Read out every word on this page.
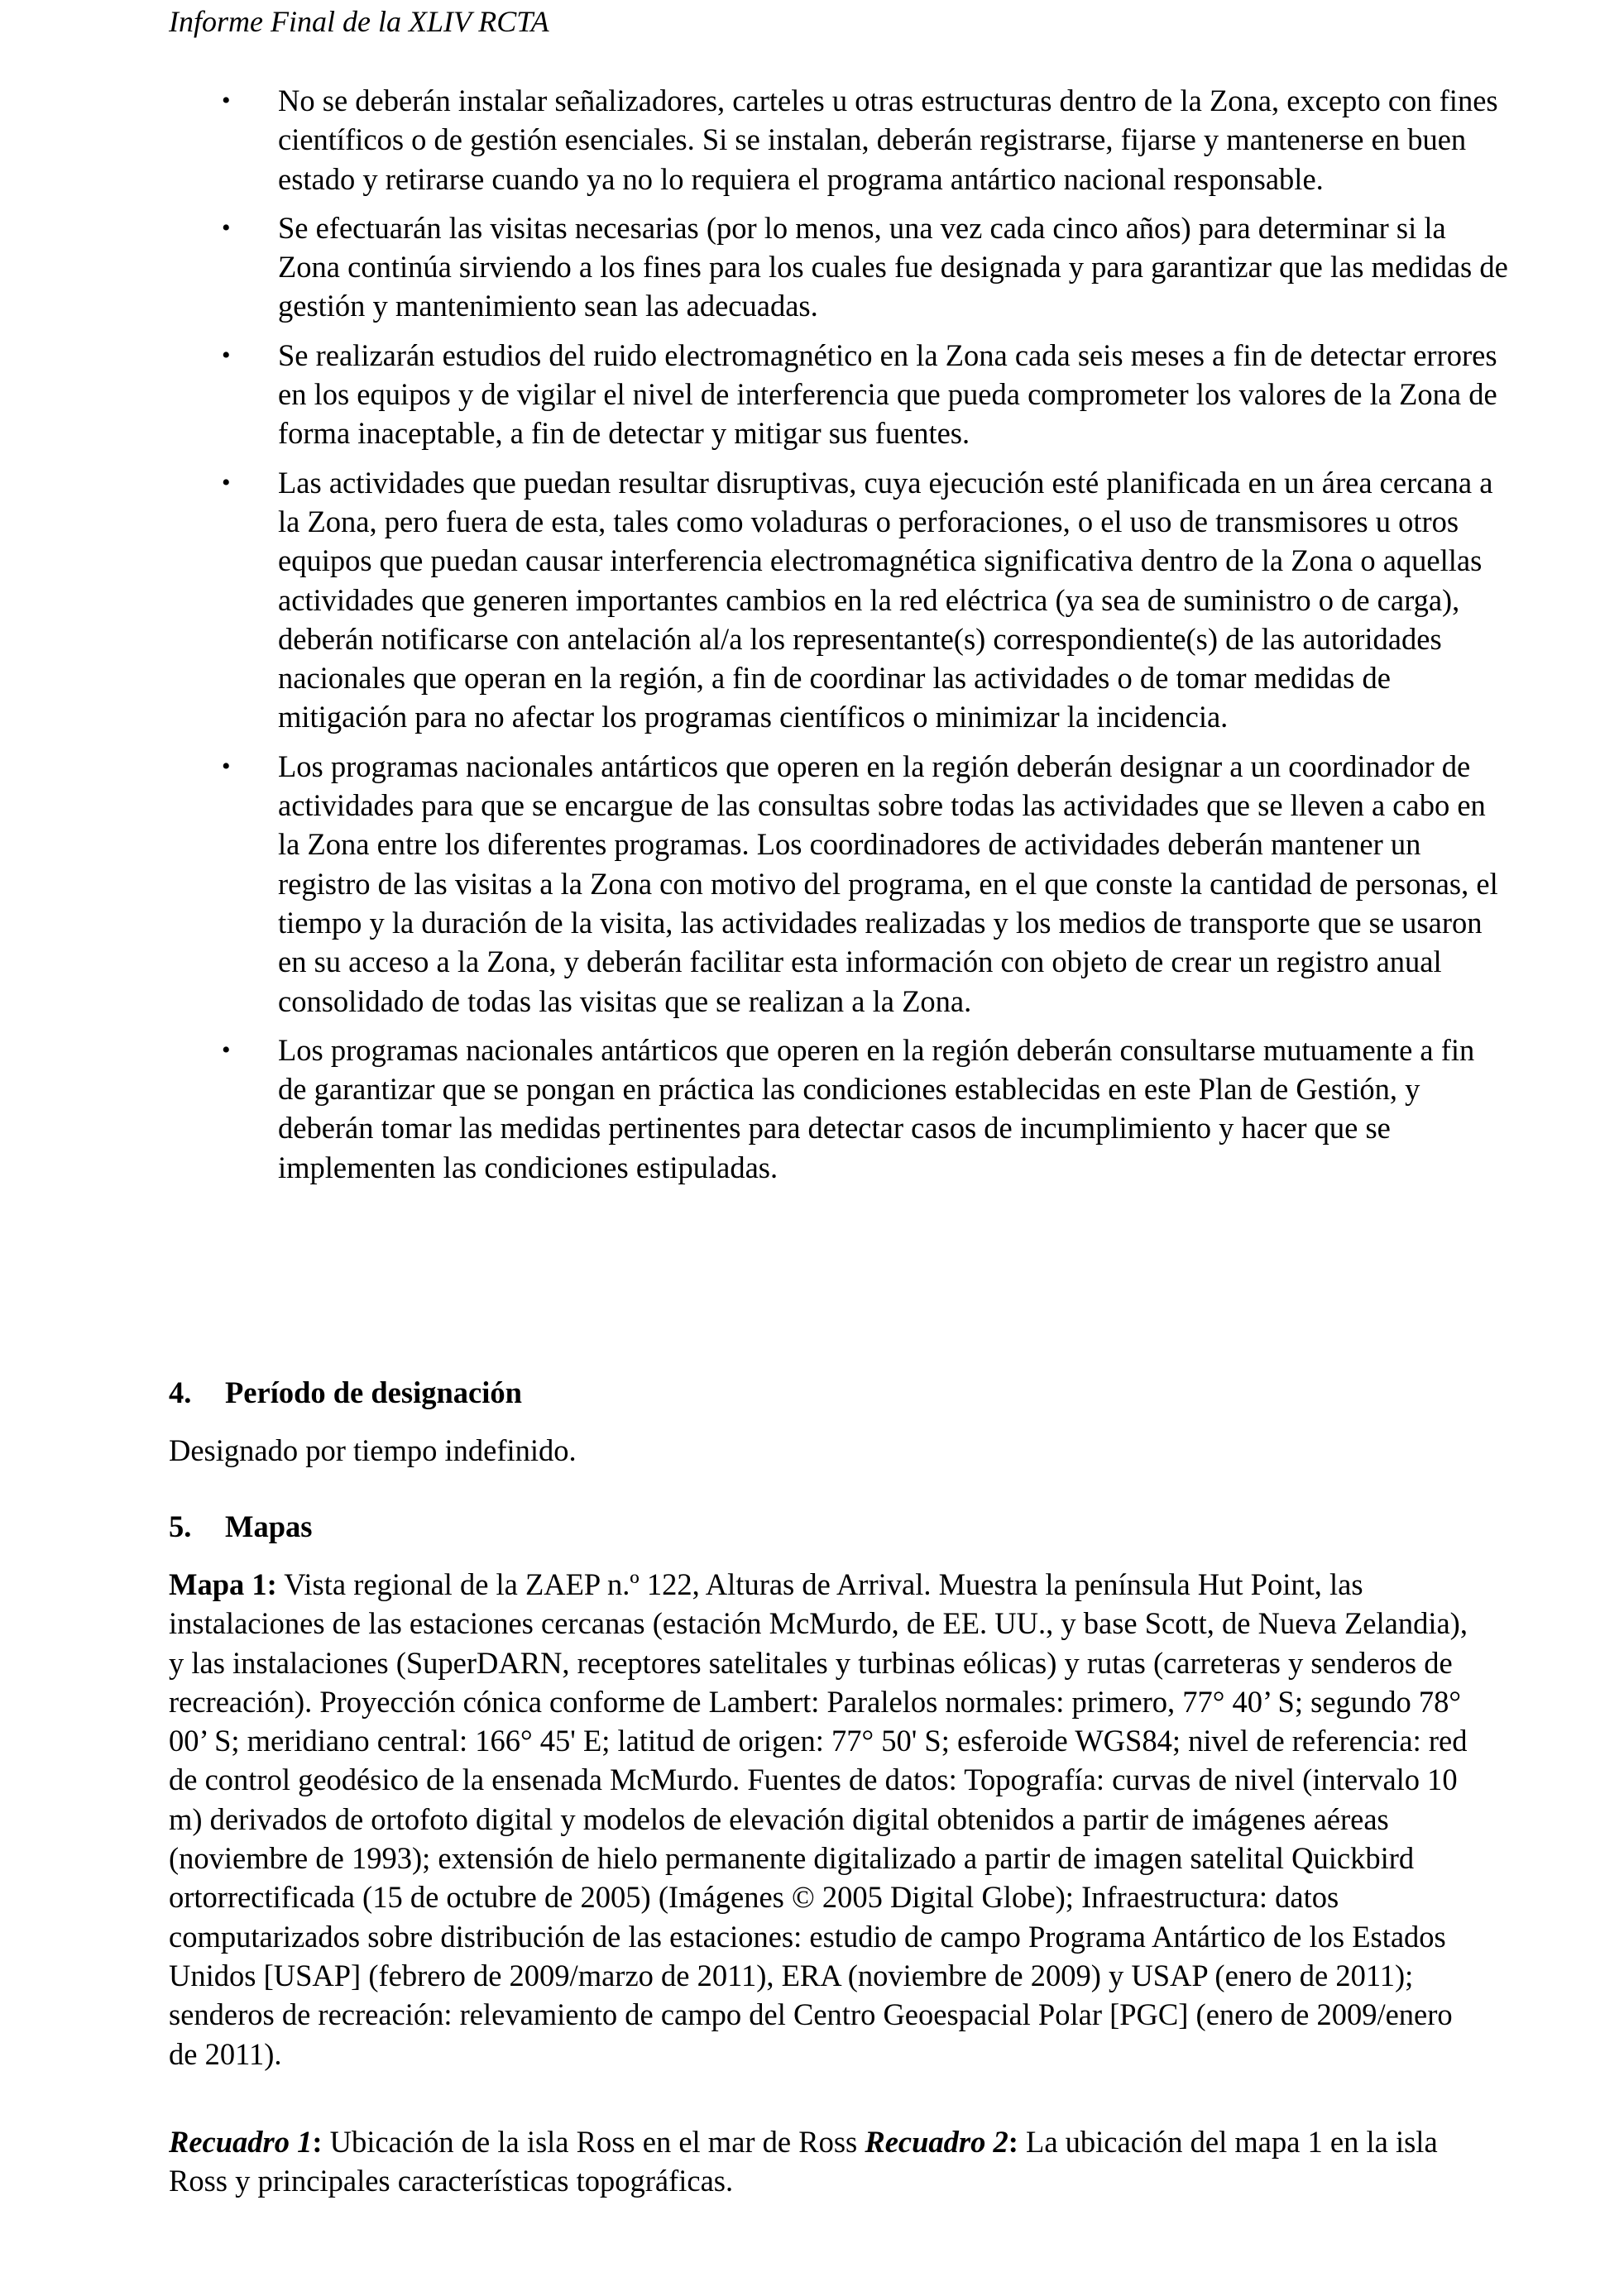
Informe Final de la XLIV RCTA
• No se deberán instalar señalizadores, carteles u otras estructuras dentro de la Zona, excepto con fines científicos o de gestión esenciales. Si se instalan, deberán registrarse, fijarse y mantenerse en buen estado y retirarse cuando ya no lo requiera el programa antártico nacional responsable.
• Se efectuarán las visitas necesarias (por lo menos, una vez cada cinco años) para determinar si la Zona continúa sirviendo a los fines para los cuales fue designada y para garantizar que las medidas de gestión y mantenimiento sean las adecuadas.
• Se realizarán estudios del ruido electromagnético en la Zona cada seis meses a fin de detectar errores en los equipos y de vigilar el nivel de interferencia que pueda comprometer los valores de la Zona de forma inaceptable, a fin de detectar y mitigar sus fuentes.
• Las actividades que puedan resultar disruptivas, cuya ejecución esté planificada en un área cercana a la Zona, pero fuera de esta, tales como voladuras o perforaciones, o el uso de transmisores u otros equipos que puedan causar interferencia electromagnética significativa dentro de la Zona o aquellas actividades que generen importantes cambios en la red eléctrica (ya sea de suministro o de carga), deberán notificarse con antelación al/a los representante(s) correspondiente(s) de las autoridades nacionales que operan en la región, a fin de coordinar las actividades o de tomar medidas de mitigación para no afectar los programas científicos o minimizar la incidencia.
• Los programas nacionales antárticos que operen en la región deberán designar a un coordinador de actividades para que se encargue de las consultas sobre todas las actividades que se lleven a cabo en la Zona entre los diferentes programas. Los coordinadores de actividades deberán mantener un registro de las visitas a la Zona con motivo del programa, en el que conste la cantidad de personas, el tiempo y la duración de la visita, las actividades realizadas y los medios de transporte que se usaron en su acceso a la Zona, y deberán facilitar esta información con objeto de crear un registro anual consolidado de todas las visitas que se realizan a la Zona.
• Los programas nacionales antárticos que operen en la región deberán consultarse mutuamente a fin de garantizar que se pongan en práctica las condiciones establecidas en este Plan de Gestión, y deberán tomar las medidas pertinentes para detectar casos de incumplimiento y hacer que se implementen las condiciones estipuladas.
4. Período de designación

Designado por tiempo indefinido.

5. Mapas

Mapa 1: Vista regional de la ZAEP n.º 122, Alturas de Arrival. Muestra la península Hut Point, las instalaciones de las estaciones cercanas (estación McMurdo, de EE. UU., y base Scott, de Nueva Zelandia), y las instalaciones (SuperDARN, receptores satelitales y turbinas eólicas) y rutas (carreteras y senderos de recreación). Proyección cónica conforme de Lambert: Paralelos normales: primero, 77° 40’ S; segundo 78° 00’ S; meridiano central: 166° 45' E; latitud de origen: 77° 50' S; esferoide WGS84; nivel de referencia: red de control geodésico de la ensenada McMurdo. Fuentes de datos: Topografía: curvas de nivel (intervalo 10 m) derivados de ortofoto digital y modelos de elevación digital obtenidos a partir de imágenes aéreas (noviembre de 1993); extensión de hielo permanente digitalizado a partir de imagen satelital Quickbird ortorrectificada (15 de octubre de 2005) (Imágenes © 2005 Digital Globe); Infraestructura: datos computarizados sobre distribución de las estaciones: estudio de campo Programa Antártico de los Estados Unidos [USAP] (febrero de 2009/marzo de 2011), ERA (noviembre de 2009) y USAP (enero de 2011); senderos de recreación: relevamiento de campo del Centro Geoespacial Polar [PGC] (enero de 2009/enero de 2011).

Recuadro 1: Ubicación de la isla Ross en el mar de Ross Recuadro 2: La ubicación del mapa 1 en la isla Ross y principales características topográficas.
